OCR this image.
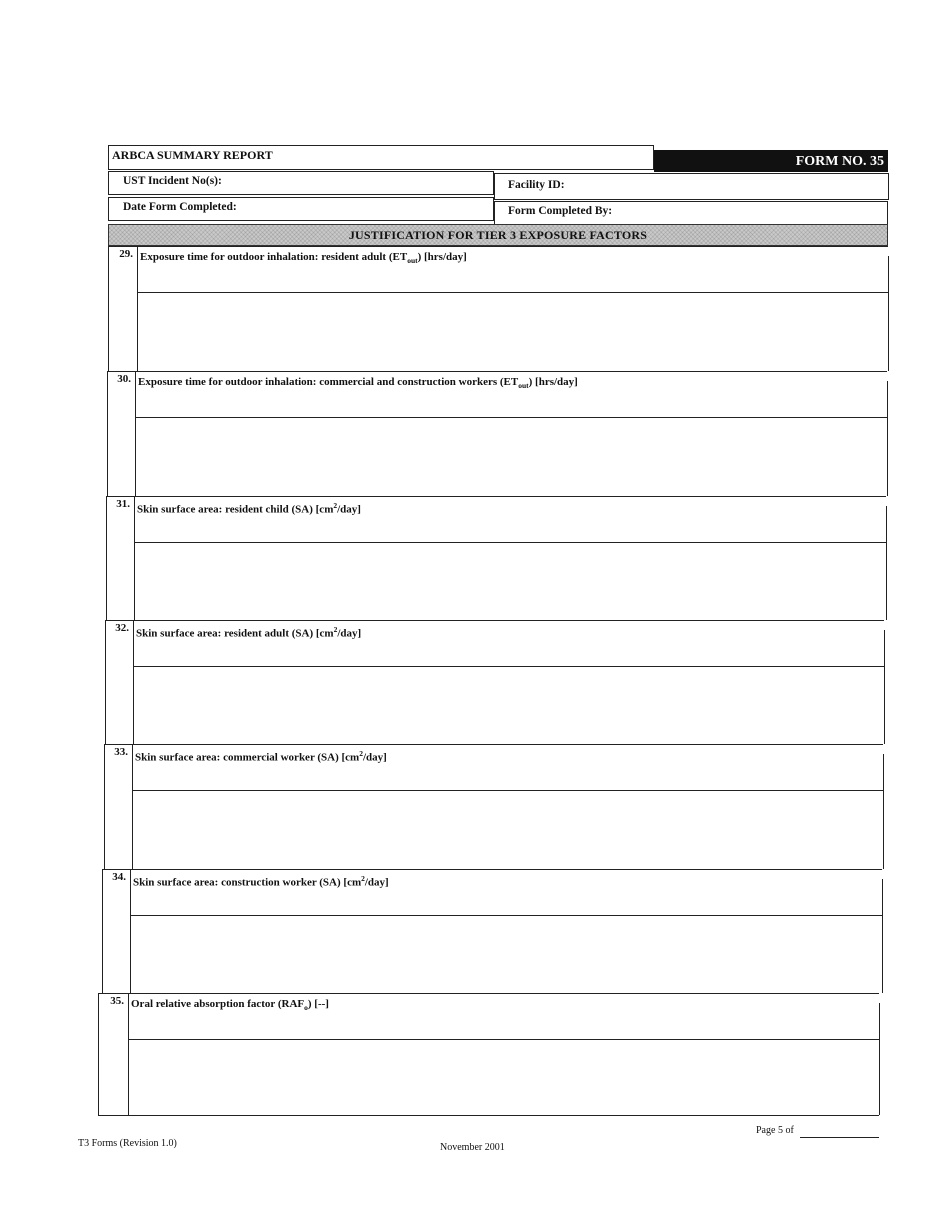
ARBCA SUMMARY REPORT	FORM NO. 35
UST Incident No(s):	Facility ID:
Date Form Completed:	Form Completed By:
JUSTIFICATION FOR TIER 3 EXPOSURE FACTORS
29. Exposure time for outdoor inhalation: resident adult $(ET_{out})$ [hrs/day]
30. Exposure time for outdoor inhalation: commercial and construction workers $(ET_{out})$ [hrs/day]
31. Skin surface area: resident child (SA) $[cm^2/day]$
32. Skin surface area: resident adult (SA) $[cm^2/day]$
33. Skin surface area: commercial worker (SA) $[cm^2/day]$
34. Skin surface area: construction worker (SA) $[cm^2/day]$
35. Oral relative absorption factor $(RAF_o)$ [--]
Page 5 of
T3 Forms (Revision 1.0)	November 2001
